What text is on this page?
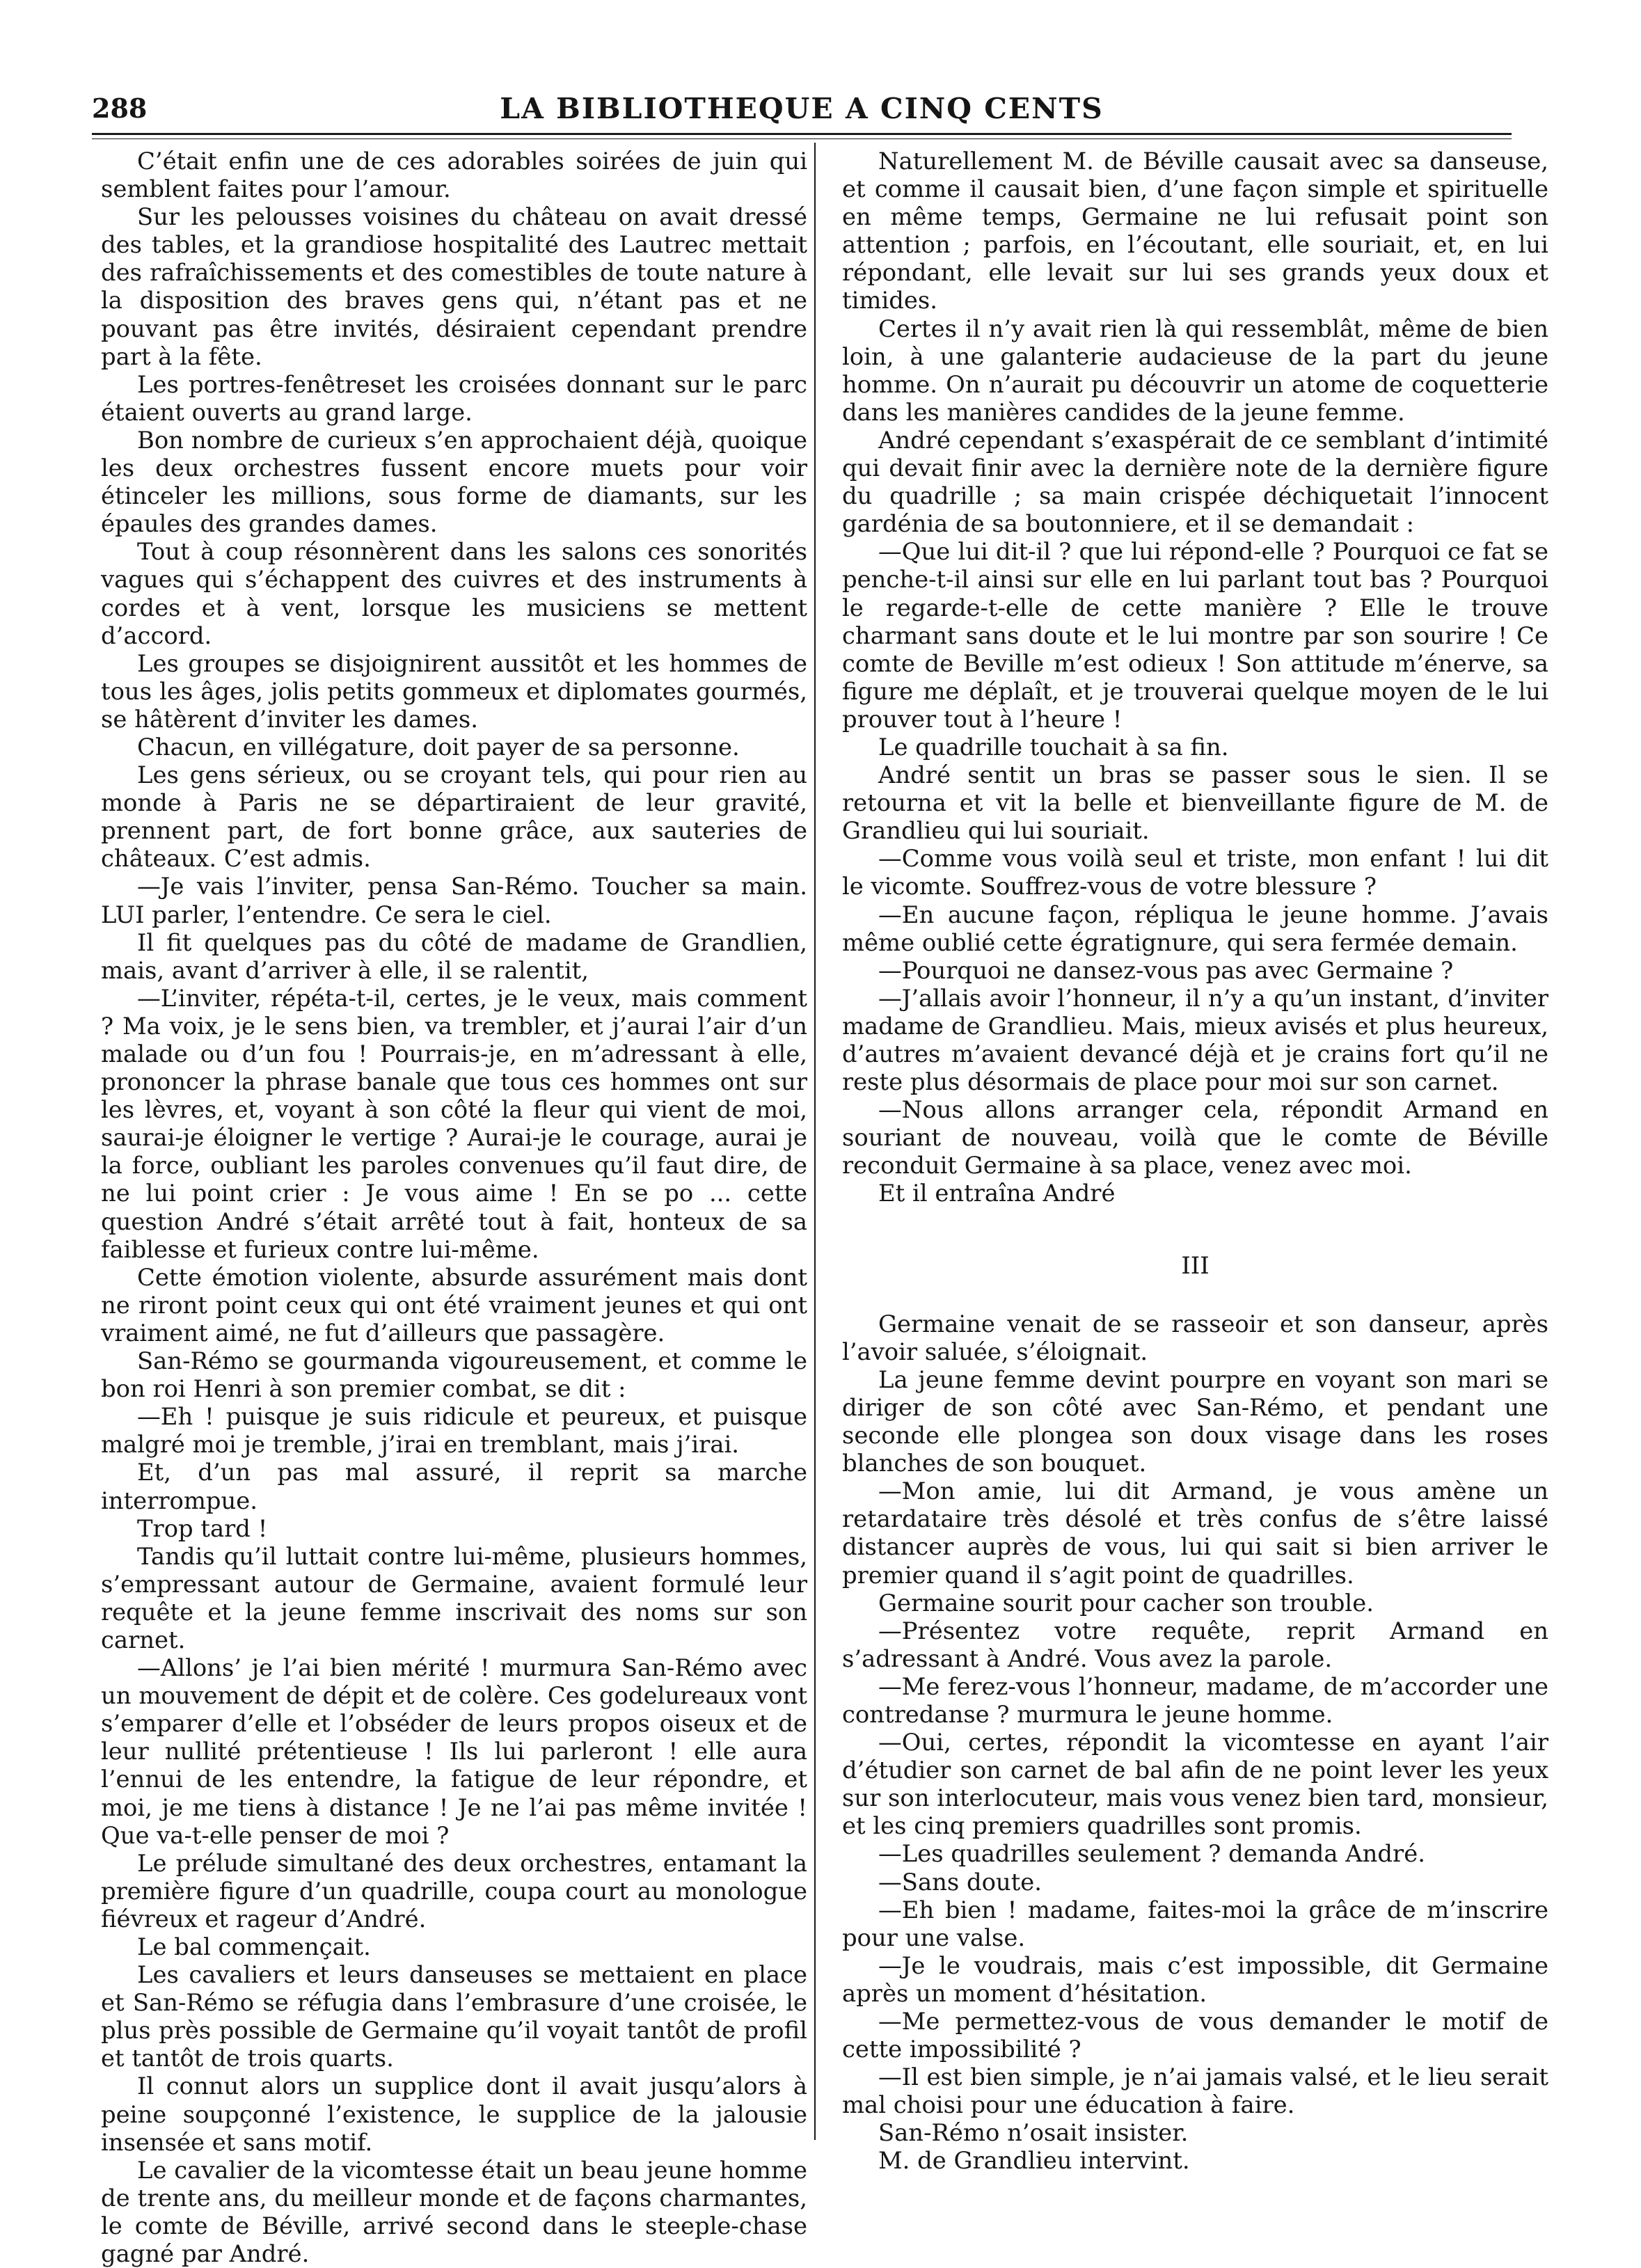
288	LA BIBLIOTHEQUE A CINQ CENTS

C’était enfin une de ces adorables soirées de juin qui semblent faites pour l’amour.

Sur les pelousses voisines du château on avait dressé des tables, et la grandiose hospitalité des Lautrec mettait des rafraîchissements et des comestibles de toute nature à la disposition des braves gens qui, n’étant pas et ne pouvant pas être invités, désiraient cependant prendre part à la fête.

Les portres-fenêtreset les croisées donnant sur le parc étaient ouverts au grand large.

Bon nombre de curieux s’en approchaient déjà, quoique les deux orchestres fussent encore muets pour voir étinceler les millions, sous forme de diamants, sur les épaules des grandes dames.

Tout à coup résonnèrent dans les salons ces sonorités vagues qui s’échappent des cuivres et des instruments à cordes et à vent, lorsque les musiciens se mettent d’accord.

Les groupes se disjoignirent aussitôt et les hommes de tous les âges, jolis petits gommeux et diplomates gourmés, se hâtèrent d’inviter les dames.

Chacun, en villégature, doit payer de sa personne.

Les gens sérieux, ou se croyant tels, qui pour rien au monde à Paris ne se départiraient de leur gravité, prennent part, de fort bonne grâce, aux sauteries de châteaux. C’est admis.

—Je vais l’inviter, pensa San-Rémo. Toucher sa main. LUI parler, l’entendre. Ce sera le ciel.

Il fit quelques pas du côté de madame de Grandlien, mais, avant d’arriver à elle, il se ralentit,

—L’inviter, répéta-t-il, certes, je le veux, mais comment ? Ma voix, je le sens bien, va trembler, et j’aurai l’air d’un malade ou d’un fou ! Pourrais-je, en m’adressant à elle, prononcer la phrase banale que tous ces hommes ont sur les lèvres, et, voyant à son côté la fleur qui vient de moi, saurai-je éloigner le vertige ? Aurai-je le courage, aurai je la force, oubliant les paroles convenues qu’il faut dire, de ne lui point crier : Je vous aime ! En se po ... cette question André s’était arrêté tout à fait, honteux de sa faiblesse et furieux contre lui-même.

Cette émotion violente, absurde assurément mais dont ne riront point ceux qui ont été vraiment jeunes et qui ont vraiment aimé, ne fut d’ailleurs que passagère.

San-Rémo se gourmanda vigoureusement, et comme le bon roi Henri à son premier combat, se dit :

—Eh ! puisque je suis ridicule et peureux, et puisque malgré moi je tremble, j’irai en tremblant, mais j’irai.

Et, d’un pas mal assuré, il reprit sa marche interrompue.

Trop tard !

Tandis qu’il luttait contre lui-même, plusieurs hommes, s’empressant autour de Germaine, avaient formulé leur requête et la jeune femme inscrivait des noms sur son carnet.

—Allons’ je l’ai bien mérité ! murmura San-Rémo avec un mouvement de dépit et de colère. Ces godelureaux vont s’emparer d’elle et l’obséder de leurs propos oiseux et de leur nullité prétentieuse ! Ils lui parleront ! elle aura l’ennui de les entendre, la fatigue de leur répondre, et moi, je me tiens à distance ! Je ne l’ai pas même invitée ! Que va-t-elle penser de moi ?

Le prélude simultané des deux orchestres, entamant la première figure d’un quadrille, coupa court au monologue fiévreux et rageur d’André.

Le bal commençait.

Les cavaliers et leurs danseuses se mettaient en place et San-Rémo se réfugia dans l’embrasure d’une croisée, le plus près possible de Germaine qu’il voyait tantôt de profil et tantôt de trois quarts.

Il connut alors un supplice dont il avait jusqu’alors à peine soupçonné l’existence, le supplice de la jalousie insensée et sans motif.

Le cavalier de la vicomtesse était un beau jeune homme de trente ans, du meilleur monde et de façons charmantes, le comte de Béville, arrivé second dans le steeple-chase gagné par André.

Naturellement M. de Béville causait avec sa danseuse, et comme il causait bien, d’une façon simple et spirituelle en même temps, Germaine ne lui refusait point son attention ; parfois, en l’écoutant, elle souriait, et, en lui répondant, elle levait sur lui ses grands yeux doux et timides.

Certes il n’y avait rien là qui ressemblât, même de bien loin, à une galanterie audacieuse de la part du jeune homme. On n’aurait pu découvrir un atome de coquetterie dans les manières candides de la jeune femme.

André cependant s’exaspérait de ce semblant d’intimité qui devait finir avec la dernière note de la dernière figure du quadrille ; sa main crispée déchiquetait l’innocent gardénia de sa boutonniere, et il se demandait :

—Que lui dit-il ? que lui répond-elle ? Pourquoi ce fat se penche-t-il ainsi sur elle en lui parlant tout bas ? Pourquoi le regarde-t-elle de cette manière ? Elle le trouve charmant sans doute et le lui montre par son sourire ! Ce comte de Beville m’est odieux ! Son attitude m’énerve, sa figure me déplaît, et je trouverai quelque moyen de le lui prouver tout à l’heure !

Le quadrille touchait à sa fin.

André sentit un bras se passer sous le sien. Il se retourna et vit la belle et bienveillante figure de M. de Grandlieu qui lui souriait.

—Comme vous voilà seul et triste, mon enfant ! lui dit le vicomte. Souffrez-vous de votre blessure ?

—En aucune façon, répliqua le jeune homme. J’avais même oublié cette égratignure, qui sera fermée demain.

—Pourquoi ne dansez-vous pas avec Germaine ?

—J’allais avoir l’honneur, il n’y a qu’un instant, d’inviter madame de Grandlieu. Mais, mieux avisés et plus heureux, d’autres m’avaient devancé déjà et je crains fort qu’il ne reste plus désormais de place pour moi sur son carnet.

—Nous allons arranger cela, répondit Armand en souriant de nouveau, voilà que le comte de Béville reconduit Germaine à sa place, venez avec moi.

Et il entraîna André

III

Germaine venait de se rasseoir et son danseur, après l’avoir saluée, s’éloignait.

La jeune femme devint pourpre en voyant son mari se diriger de son côté avec San-Rémo, et pendant une seconde elle plongea son doux visage dans les roses blanches de son bouquet.

—Mon amie, lui dit Armand, je vous amène un retardataire très désolé et très confus de s’être laissé distancer auprès de vous, lui qui sait si bien arriver le premier quand il s’agit point de quadrilles.

Germaine sourit pour cacher son trouble.

—Présentez votre requête, reprit Armand en s’adressant à André. Vous avez la parole.

—Me ferez-vous l’honneur, madame, de m’accorder une contredanse ? murmura le jeune homme.

—Oui, certes, répondit la vicomtesse en ayant l’air d’étudier son carnet de bal afin de ne point lever les yeux sur son interlocuteur, mais vous venez bien tard, monsieur, et les cinq premiers quadrilles sont promis.

—Les quadrilles seulement ? demanda André.

—Sans doute.

—Eh bien ! madame, faites-moi la grâce de m’inscrire pour une valse.

—Je le voudrais, mais c’est impossible, dit Germaine après un moment d’hésitation.

—Me permettez-vous de vous demander le motif de cette impossibilité ?

—Il est bien simple, je n’ai jamais valsé, et le lieu serait mal choisi pour une éducation à faire.

San-Rémo n’osait insister.

M. de Grandlieu intervint.
